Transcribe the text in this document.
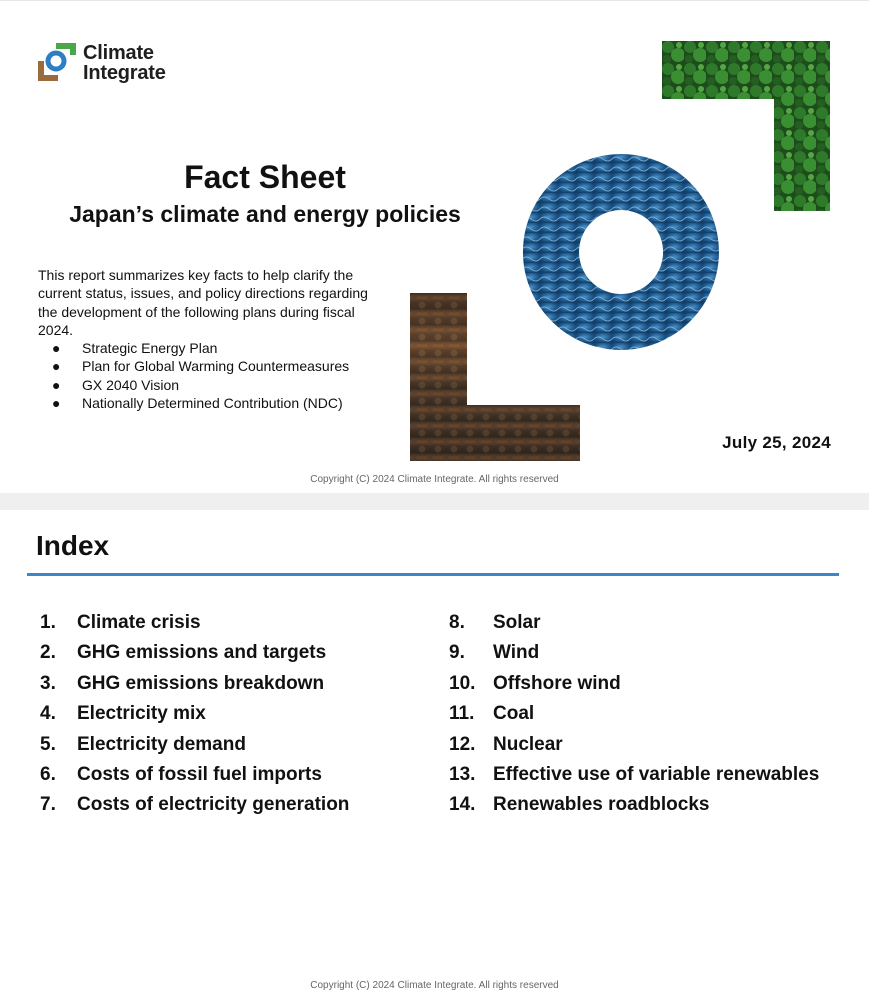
Climate
Integrate
Fact Sheet
Japan’s climate and energy policies
This report summarizes key facts to help clarify the current status, issues, and policy directions regarding the development of the following plans during fiscal 2024.
● Strategic Energy Plan
● Plan for Global Warming Countermeasures
● GX 2040 Vision
● Nationally Determined Contribution (NDC)
July 25, 2024
Copyright (C) 2024 Climate Integrate. All rights reserved
Index
1. Climate crisis
2. GHG emissions and targets
3. GHG emissions breakdown
4. Electricity mix
5. Electricity demand
6. Costs of fossil fuel imports
7. Costs of electricity generation
8. Solar
9. Wind
10. Offshore wind
11. Coal
12. Nuclear
13. Effective use of variable renewables
14. Renewables roadblocks
Copyright (C) 2024 Climate Integrate. All rights reserved
